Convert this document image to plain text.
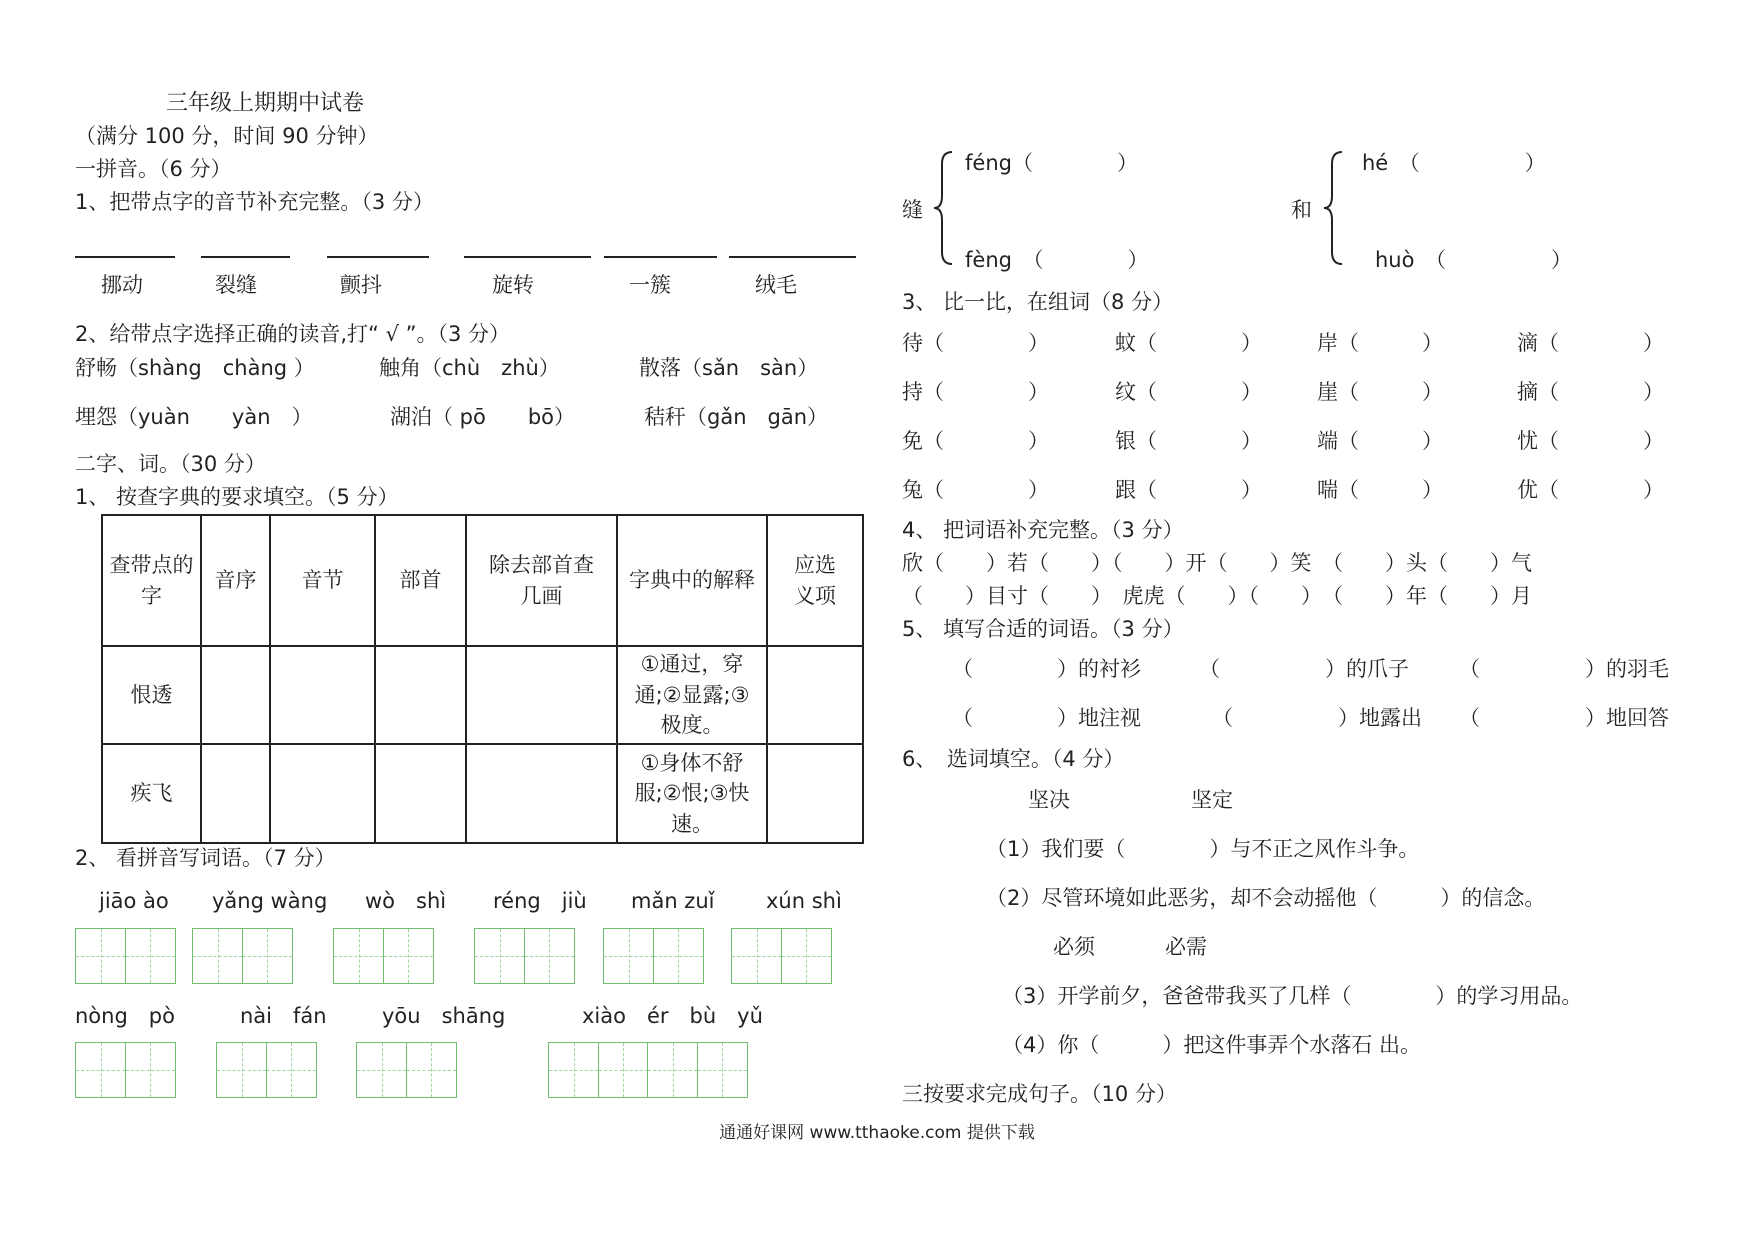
三年级上期期中试卷
（满分 100 分，时间 90 分钟）
一拼音。（6 分）
1、把带点字的音节补充完整。（3 分）
挪动	裂缝	颤抖	旋转	一簇	绒毛
2、给带点字选择正确的读音,打“ √ ”。（3 分）
舒畅（shàng　chàng ）	触角（chù　zhù）	散落（sǎn　sàn）
埋怨（yuàn　　yàn　）	湖泊（ pō　　bō）	秸秆（gǎn　gān）
二字、词。（30 分）
1、 按查字典的要求填空。（5 分）
查带点的字	音序	音节	部首	除去部首查几画	字典中的解释	应选义项
恨透					①通过，穿通;②显露;③极度。	
疾飞					①身体不舒服;②恨;③快速。	
2、 看拼音写词语。（7 分）
jiāo ào yǎng wàng wò　shì réng　jiù mǎn zuǐ xún shì
nòng　pò	nài　fán	yōu　shāng	xiào　ér　bù　yǔ
缝
féng（　　　　）
fèng　（　　　　）
和
hé　（　　　　　）
huò　（　　　　　）
3、 比一比，在组词（8 分）
待（　　　　）	蚊（　　　　）	岸（　　　）	滴（　　　　）
持（　　　　）	纹（　　　　）	崖（　　　）	摘（　　　　）
免（　　　　）	银（　　　　）	端（　　　）	忧（　　　　）
兔（　　　　）	跟（　　　　）	喘（　　　）	优（　　　　）
4、 把词语补充完整。（3 分）
欣（　　）若（　　）（　　）开（　　）笑　（　　）头（　　）气
（　　）目寸（　　）　虎虎（　　）（　　）　（　　）年（　　）月
5、 填写合适的词语。（3 分）
（　　　　）的衬衫	（　　　　　）的爪子 （　　　　　）的羽毛
（　　　　）地注视	（　　　　　）地露出 （　　　　　）地回答
6、　选词填空。（4 分）
坚决	坚定
（1）我们要（　　　　）与不正之风作斗争。
（2）尽管环境如此恶劣，却不会动摇他（　　　）的信念。
必须	必需
（3）开学前夕，爸爸带我买了几样（　　　　）的学习用品。
（4）你（　　　）把这件事弄个水落石 出。
三按要求完成句子。（10 分）
通通好课网 www.tthaoke.com 提供下载
